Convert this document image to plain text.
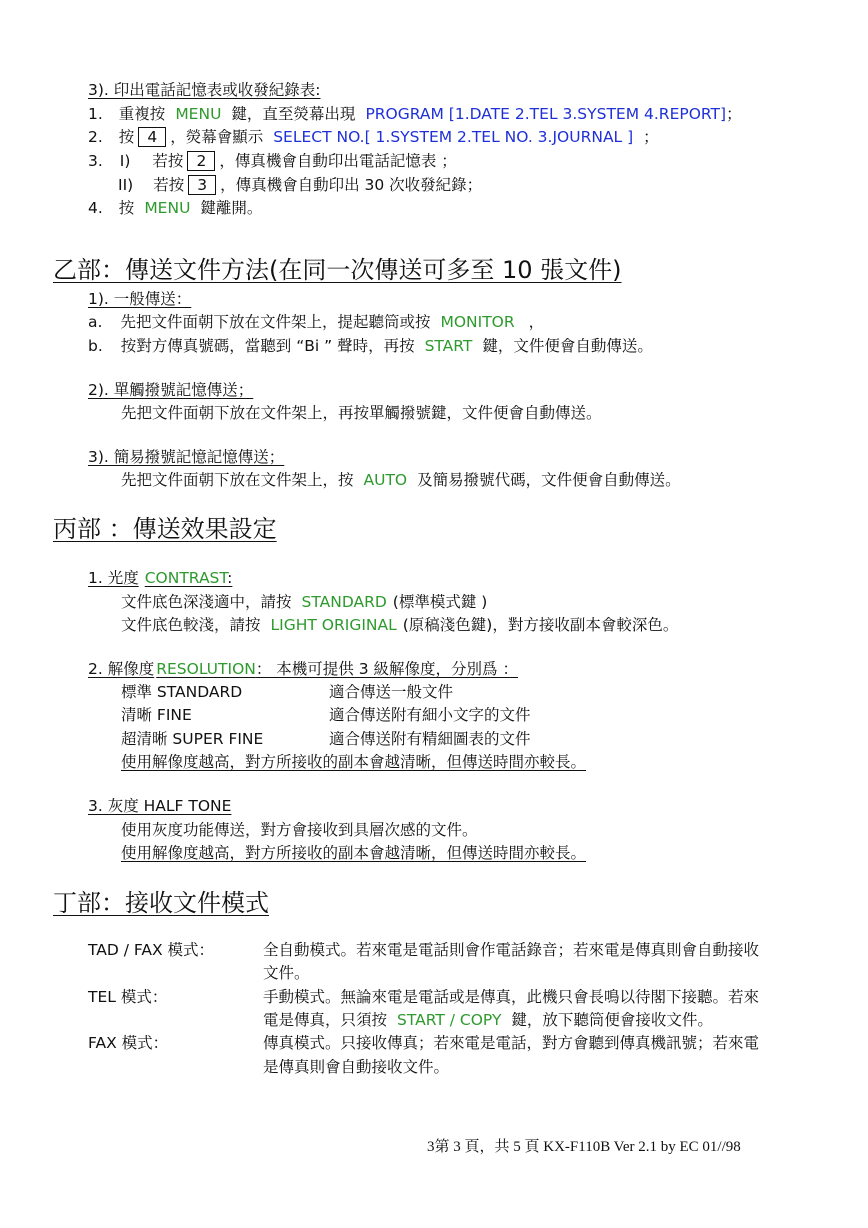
3). 印出電話記憶表或收發紀錄表:
1. 重複按 MENU 鍵，直至熒幕出現 PROGRAM [1.DATE 2.TEL 3.SYSTEM 4.REPORT]；
2. 按 4 ，熒幕會顯示 SELECT NO.[ 1.SYSTEM 2.TEL NO. 3.JOURNAL ] ；
3. I) 若按 2 ，傳真機會自動印出電話記憶表 ；
II) 若按 3 ，傳真機會自動印出 30 次收發紀錄；
4. 按 MENU 鍵離開。
乙部：傳送文件方法(在同一次傳送可多至 10 張文件)
1). 一般傳送：
a. 先把文件面朝下放在文件架上，提起聽筒或按 MONITOR ，
b. 按對方傳真號碼，當聽到 “Bi ” 聲時，再按 START 鍵，文件便會自動傳送。
2). 單觸撥號記憶傳送；
先把文件面朝下放在文件架上，再按單觸撥號鍵，文件便會自動傳送。
3). 簡易撥號記憶記憶傳送；
先把文件面朝下放在文件架上，按 AUTO 及簡易撥號代碼，文件便會自動傳送。
丙部 ：傳送效果設定
1. 光度 CONTRAST:
文件底色深淺適中，請按 STANDARD (標準模式鍵 )
文件底色較淺，請按 LIGHT ORIGINAL (原稿淺色鍵)，對方接收副本會較深色。
2. 解像度 RESOLUTION： 本機可提供 3 級解像度，分別爲 ：
標準 STANDARD	適合傳送一般文件
清晰 FINE	適合傳送附有細小文字的文件
超清晰 SUPER FINE	適合傳送附有精細圖表的文件
使用解像度越高，對方所接收的副本會越清晰，但傳送時間亦較長。
3. 灰度 HALF TONE
使用灰度功能傳送，對方會接收到具層次感的文件。
使用解像度越高，對方所接收的副本會越清晰，但傳送時間亦較長。
丁部：接收文件模式
TAD / FAX 模式：	全自動模式。若來電是電話則會作電話錄音；若來電是傳真則會自動接收
文件。
TEL 模式：	手動模式。無論來電是電話或是傳真，此機只會長鳴以待閣下接聽。若來
電是傳真，只須按 START / COPY 鍵，放下聽筒便會接收文件。
FAX 模式：	傳真模式。只接收傳真；若來電是電話，對方會聽到傳真機訊號；若來電
是傳真則會自動接收文件。
3第 3 頁，共 5 頁 KX-F110B Ver 2.1 by EC 01//98
